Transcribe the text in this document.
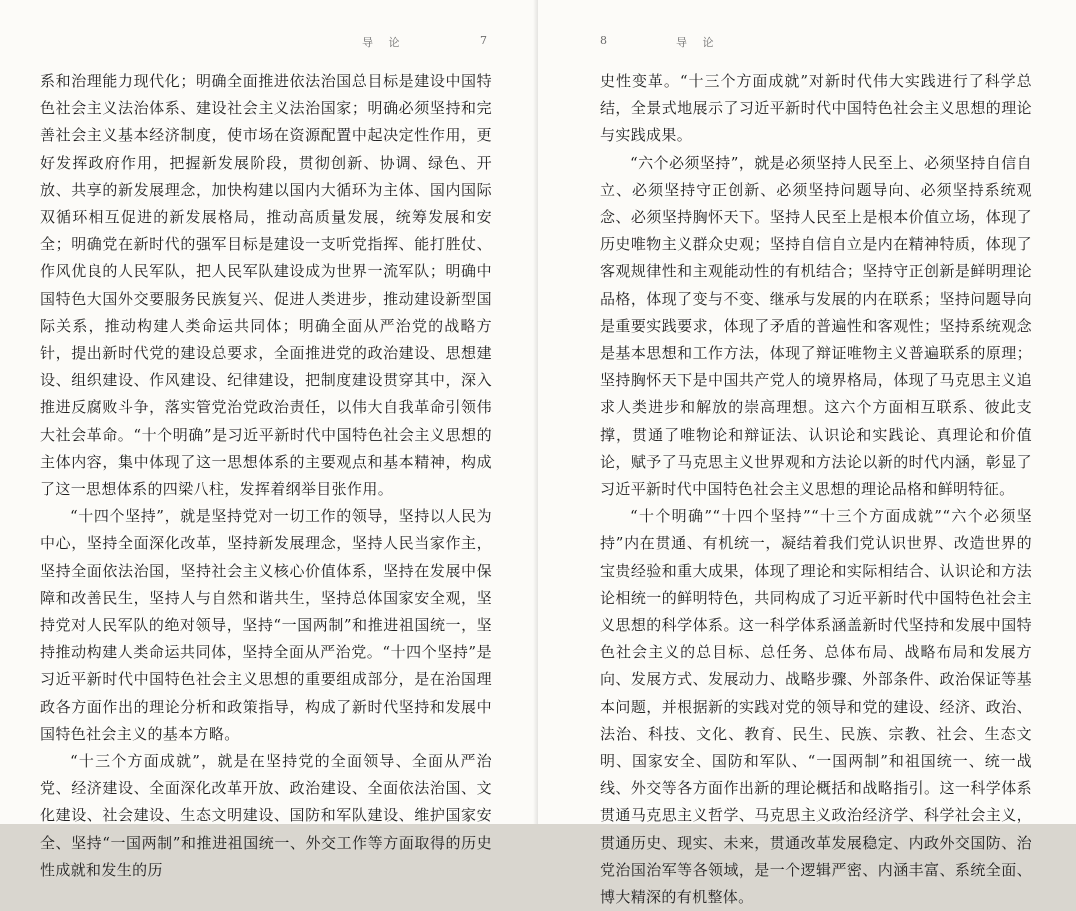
导 论	7

系和治理能力现代化；明确全面推进依法治国总目标是建设中国特色社会主义法治体系、建设社会主义法治国家；明确必须坚持和完善社会主义基本经济制度，使市场在资源配置中起决定性作用，更好发挥政府作用，把握新发展阶段，贯彻创新、协调、绿色、开放、共享的新发展理念，加快构建以国内大循环为主体、国内国际双循环相互促进的新发展格局，推动高质量发展，统筹发展和安全；明确党在新时代的强军目标是建设一支听党指挥、能打胜仗、作风优良的人民军队，把人民军队建设成为世界一流军队；明确中国特色大国外交要服务民族复兴、促进人类进步，推动建设新型国际关系，推动构建人类命运共同体；明确全面从严治党的战略方针，提出新时代党的建设总要求，全面推进党的政治建设、思想建设、组织建设、作风建设、纪律建设，把制度建设贯穿其中，深入推进反腐败斗争，落实管党治党政治责任，以伟大自我革命引领伟大社会革命。“十个明确”是习近平新时代中国特色社会主义思想的主体内容，集中体现了这一思想体系的主要观点和基本精神，构成了这一思想体系的四梁八柱，发挥着纲举目张作用。

“十四个坚持”，就是坚持党对一切工作的领导，坚持以人民为中心，坚持全面深化改革，坚持新发展理念，坚持人民当家作主，坚持全面依法治国，坚持社会主义核心价值体系，坚持在发展中保障和改善民生，坚持人与自然和谐共生，坚持总体国家安全观，坚持党对人民军队的绝对领导，坚持“一国两制”和推进祖国统一，坚持推动构建人类命运共同体，坚持全面从严治党。“十四个坚持”是习近平新时代中国特色社会主义思想的重要组成部分，是在治国理政各方面作出的理论分析和政策指导，构成了新时代坚持和发展中国特色社会主义的基本方略。

“十三个方面成就”，就是在坚持党的全面领导、全面从严治党、经济建设、全面深化改革开放、政治建设、全面依法治国、文化建设、社会建设、生态文明建设、国防和军队建设、维护国家安全、坚持“一国两制”和推进祖国统一、外交工作等方面取得的历史性成就和发生的历

8	导 论

史性变革。“十三个方面成就”对新时代伟大实践进行了科学总结，全景式地展示了习近平新时代中国特色社会主义思想的理论与实践成果。

“六个必须坚持”，就是必须坚持人民至上、必须坚持自信自立、必须坚持守正创新、必须坚持问题导向、必须坚持系统观念、必须坚持胸怀天下。坚持人民至上是根本价值立场，体现了历史唯物主义群众史观；坚持自信自立是内在精神特质，体现了客观规律性和主观能动性的有机结合；坚持守正创新是鲜明理论品格，体现了变与不变、继承与发展的内在联系；坚持问题导向是重要实践要求，体现了矛盾的普遍性和客观性；坚持系统观念是基本思想和工作方法，体现了辩证唯物主义普遍联系的原理；坚持胸怀天下是中国共产党人的境界格局，体现了马克思主义追求人类进步和解放的崇高理想。这六个方面相互联系、彼此支撑，贯通了唯物论和辩证法、认识论和实践论、真理论和价值论，赋予了马克思主义世界观和方法论以新的时代内涵，彰显了习近平新时代中国特色社会主义思想的理论品格和鲜明特征。

“十个明确”“十四个坚持”“十三个方面成就”“六个必须坚持”内在贯通、有机统一，凝结着我们党认识世界、改造世界的宝贵经验和重大成果，体现了理论和实际相结合、认识论和方法论相统一的鲜明特色，共同构成了习近平新时代中国特色社会主义思想的科学体系。这一科学体系涵盖新时代坚持和发展中国特色社会主义的总目标、总任务、总体布局、战略布局和发展方向、发展方式、发展动力、战略步骤、外部条件、政治保证等基本问题，并根据新的实践对党的领导和党的建设、经济、政治、法治、科技、文化、教育、民生、民族、宗教、社会、生态文明、国家安全、国防和军队、“一国两制”和祖国统一、统一战线、外交等各方面作出新的理论概括和战略指引。这一科学体系贯通马克思主义哲学、马克思主义政治经济学、科学社会主义，贯通历史、现实、未来，贯通改革发展稳定、内政外交国防、治党治国治军等各领域，是一个逻辑严密、内涵丰富、系统全面、博大精深的有机整体。
